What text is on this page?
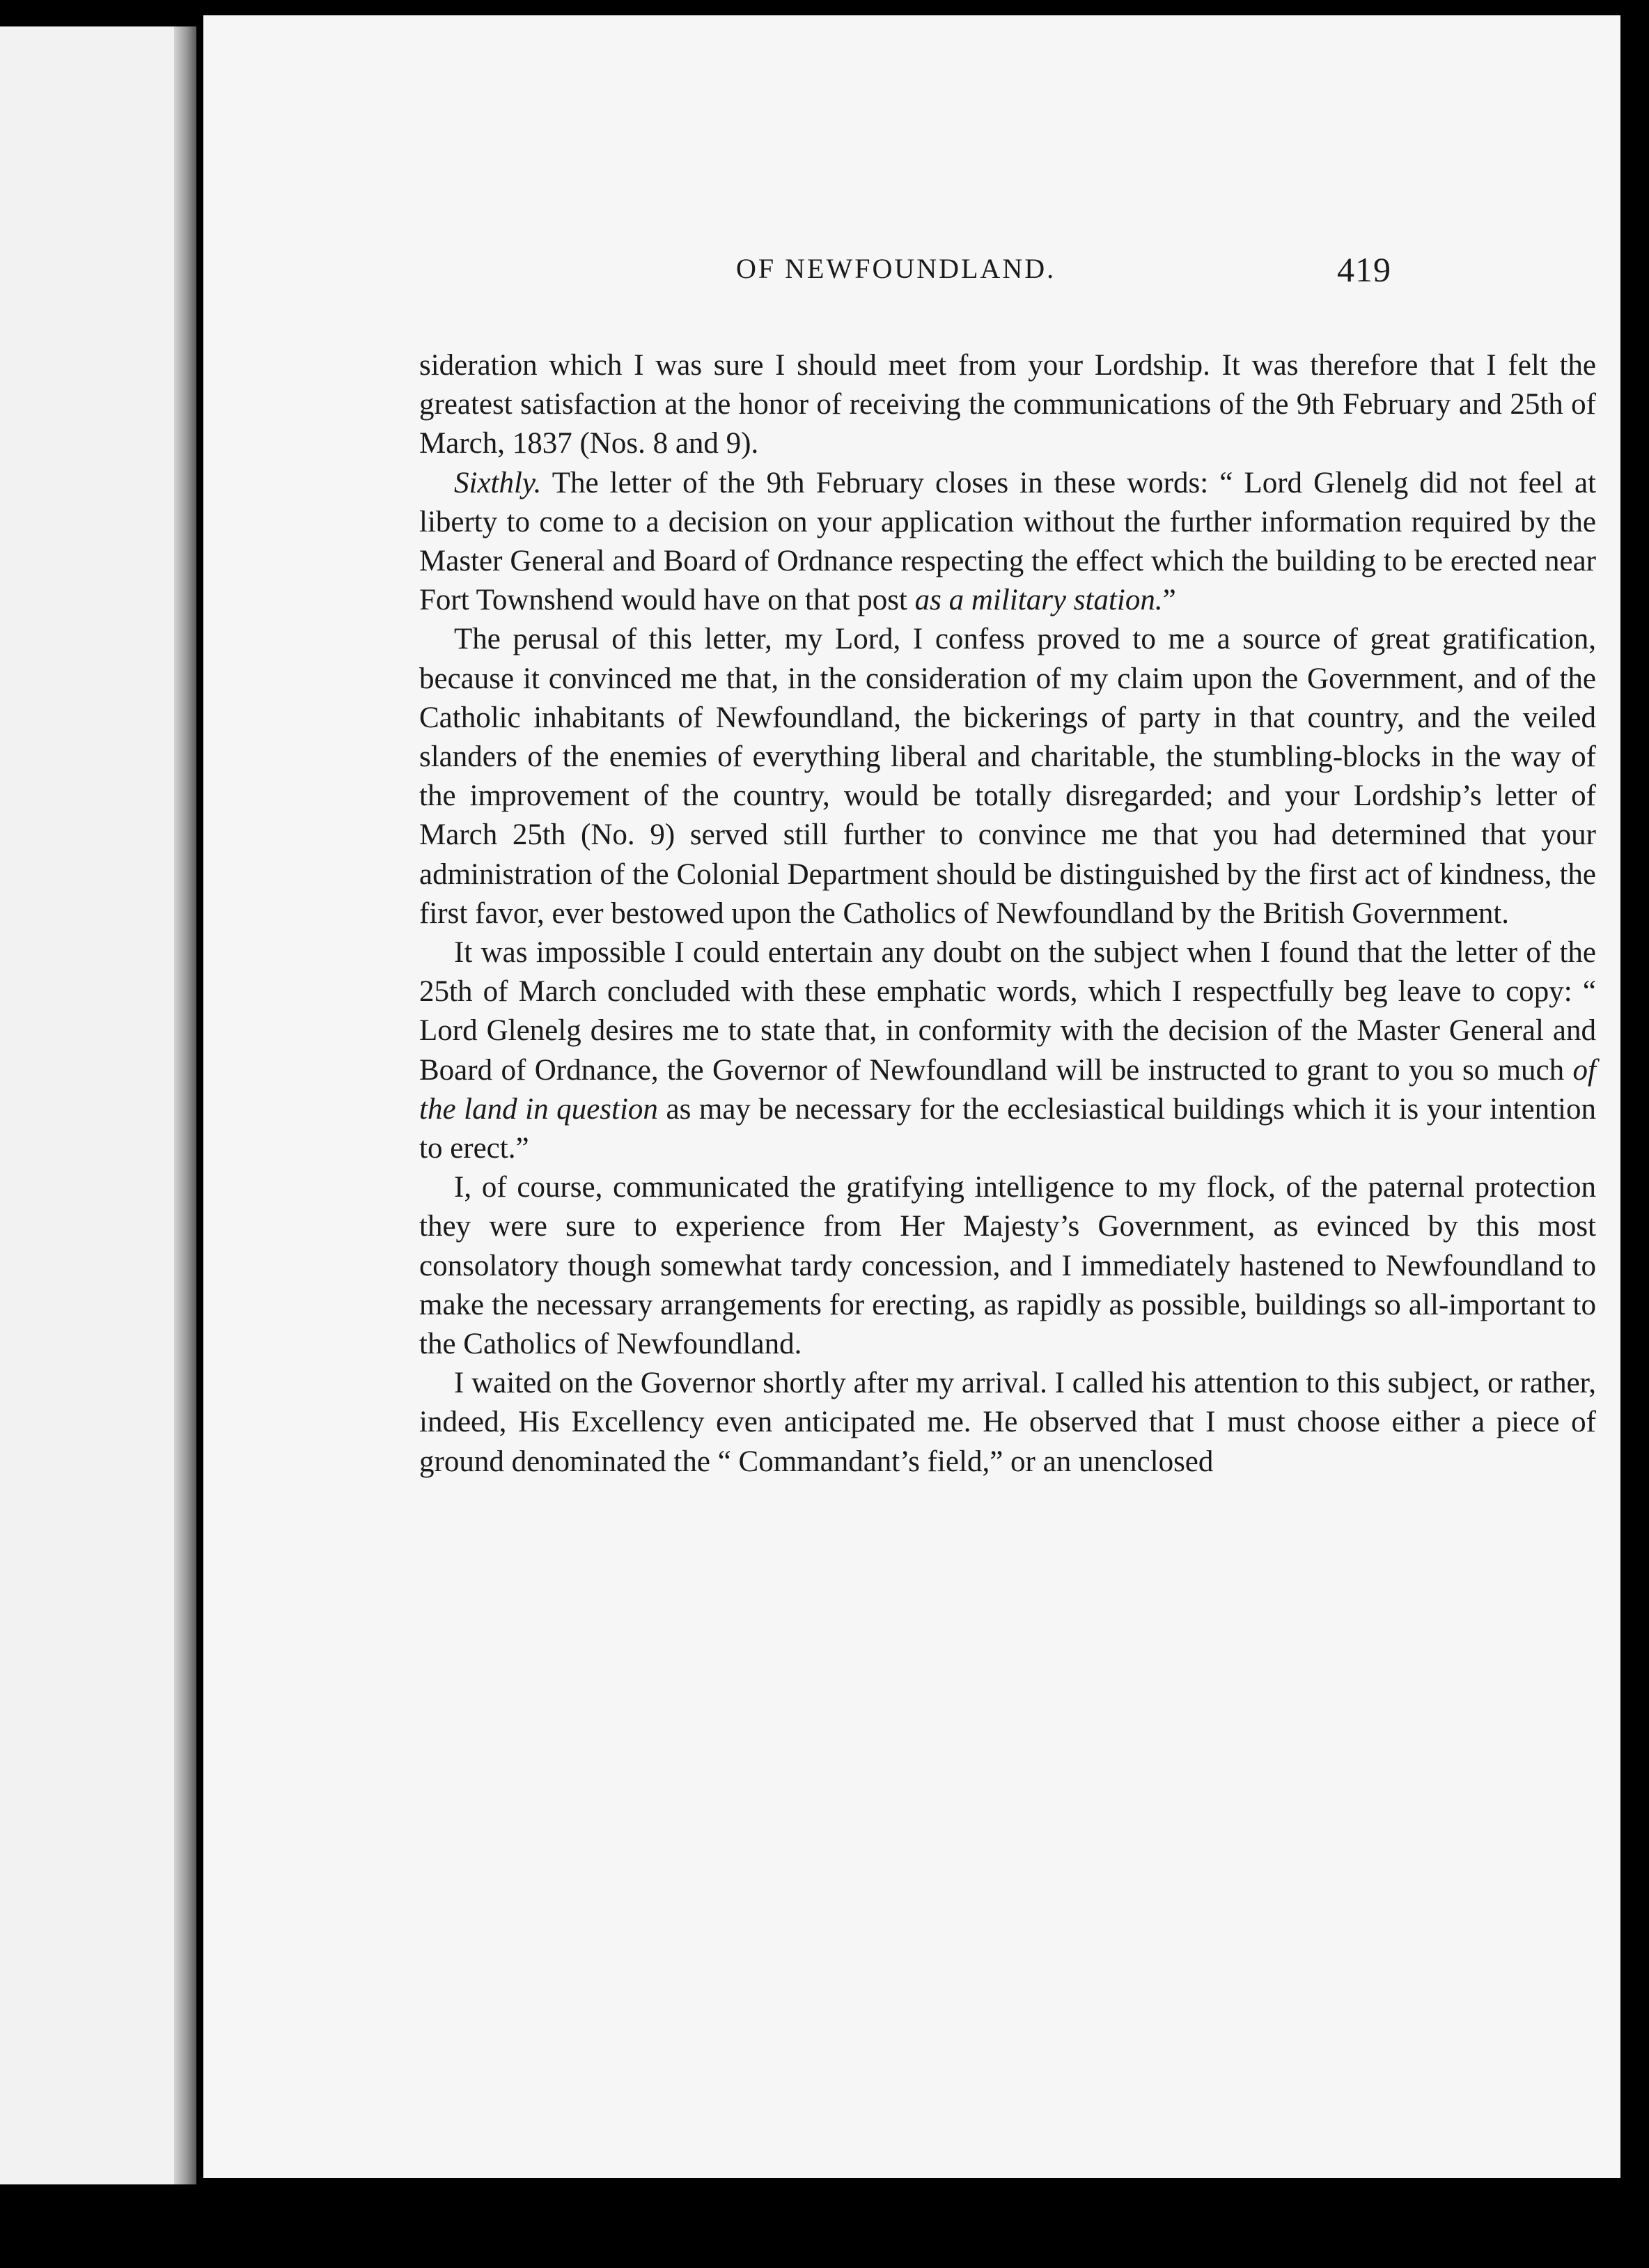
OF NEWFOUNDLAND.	419

sideration which I was sure I should meet from your Lordship. It was therefore that I felt the greatest satisfaction at the honor of receiving the communications of the 9th February and 25th of March, 1837 (Nos. 8 and 9).

Sixthly. The letter of the 9th February closes in these words: “ Lord Glenelg did not feel at liberty to come to a decision on your application without the further information required by the Master General and Board of Ordnance respecting the effect which the building to be erected near Fort Townshend would have on that post as a military station.”

The perusal of this letter, my Lord, I confess proved to me a source of great gratification, because it convinced me that, in the consideration of my claim upon the Government, and of the Catholic inhabitants of Newfoundland, the bickerings of party in that country, and the veiled slanders of the enemies of everything liberal and charitable, the stumbling-blocks in the way of the improvement of the country, would be totally disregarded; and your Lordship’s letter of March 25th (No. 9) served still further to convince me that you had determined that your administration of the Colonial Department should be distinguished by the first act of kindness, the first favor, ever bestowed upon the Catholics of Newfoundland by the British Government.

It was impossible I could entertain any doubt on the subject when I found that the letter of the 25th of March concluded with these emphatic words, which I respectfully beg leave to copy: “ Lord Glenelg desires me to state that, in conformity with the decision of the Master General and Board of Ordnance, the Governor of Newfoundland will be instructed to grant to you so much of the land in question as may be necessary for the ecclesiastical buildings which it is your intention to erect.”

I, of course, communicated the gratifying intelligence to my flock, of the paternal protection they were sure to experience from Her Majesty’s Government, as evinced by this most consolatory though somewhat tardy concession, and I immediately hastened to Newfoundland to make the necessary arrangements for erecting, as rapidly as possible, buildings so all-important to the Catholics of Newfoundland.

I waited on the Governor shortly after my arrival. I called his attention to this subject, or rather, indeed, His Excellency even anticipated me. He observed that I must choose either a piece of ground denominated the “ Commandant’s field,” or an unenclosed
